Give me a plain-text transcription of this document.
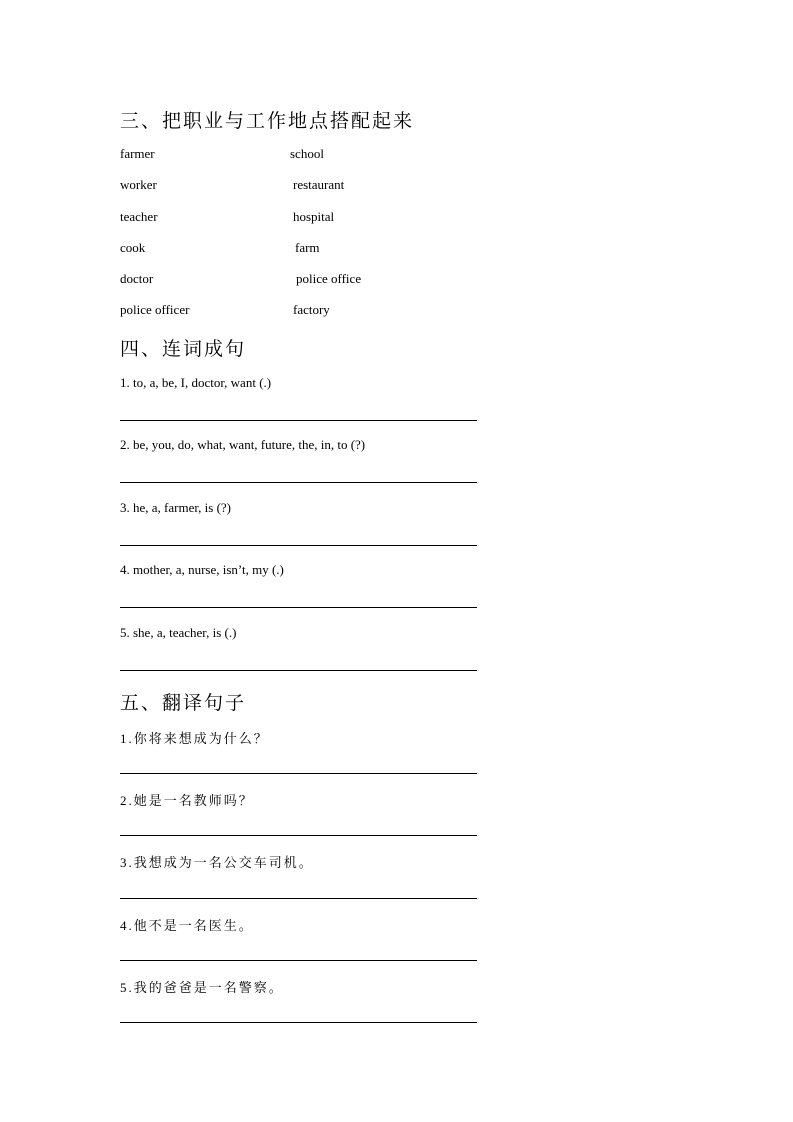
三、把职业与工作地点搭配起来
farmer	school
worker	restaurant
teacher	hospital
cook	farm
doctor	police office
police officer	factory
四、连词成句
1. to, a, be, I, doctor, want (.)
2. be, you, do, what, want, future, the, in, to (?)
3. he, a, farmer, is (?)
4. mother, a, nurse, isn’t, my (.)
5. she, a, teacher, is (.)
五、翻译句子
1.你将来想成为什么？
2.她是一名教师吗？
3.我想成为一名公交车司机。
4.他不是一名医生。
5.我的爸爸是一名警察。
